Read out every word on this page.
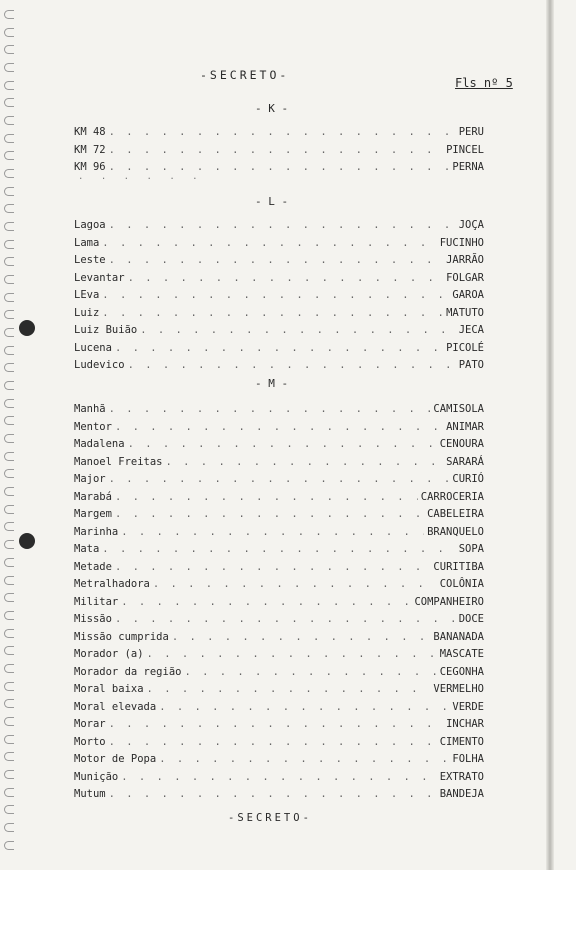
-SECRETO-
Fls nº 5
- K -
KM 48 . . .	PERU
KM 72 . . .	PINCEL
KM 96 . . .	PERNA
. . . . . .
- L -
Lagoa . . .	JOÇA
Lama . . .	FUCINHO
Leste . . .	JARRÃO
Levantar . . .	FOLGAR
LEva . . .	GAROA
Luiz . . .	MATUTO
Luiz Buião . . .	JECA
Lucena . . .	PICOLÉ
Ludevico . . .	PATO
- M -
Manhã . . .	CAMISOLA
Mentor . . .	ANIMAR
Madalena . . .	CENOURA
Manoel Freitas . . .	SARARÁ
Major . . .	CURIÓ
Marabá . . .	CARROCERIA
Margem . . .	CABELEIRA
Marinha . . .	BRANQUELO
Mata . . .	SOPA
Metade . . .	CURITIBA
Metralhadora . . .	COLÔNIA
Militar . . .	COMPANHEIRO
Missão . . .	DOCE
Missão cumprida . . .	BANANADA
Morador (a) . . .	MASCATE
Morador da região . . .	CEGONHA
Moral baixa . . .	VERMELHO
Moral elevada . . .	VERDE
Morar . . .	INCHAR
Morto . . .	CIMENTO
Motor de Popa . . .	FOLHA
Munição . . .	EXTRATO
Mutum . . .	BANDEJA
-SECRETO-
